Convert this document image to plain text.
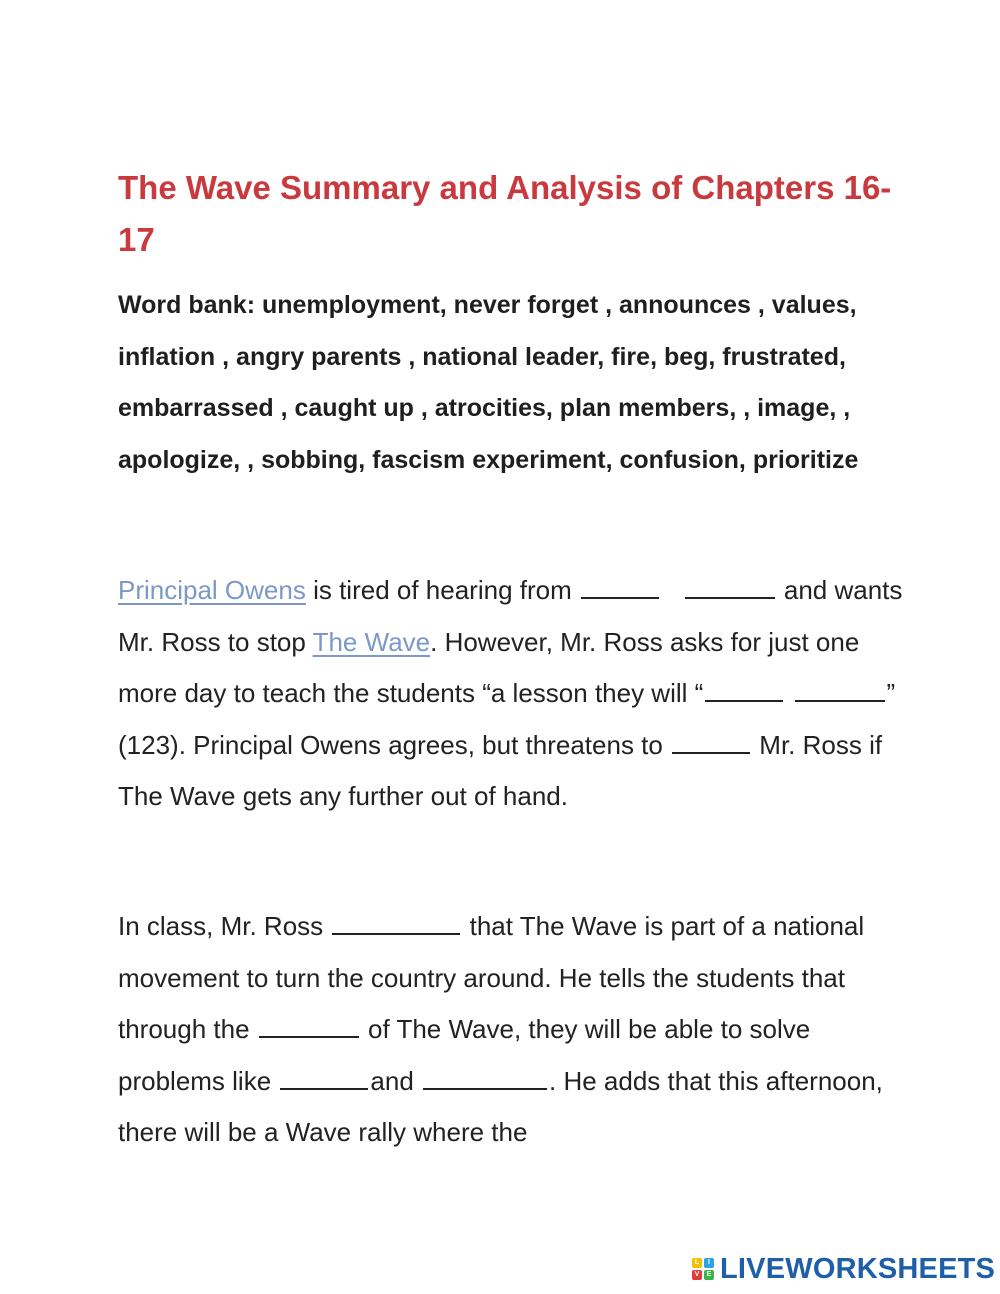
The Wave Summary and Analysis of Chapters 16-17

Word bank: unemployment, never forget , announces , values, inflation , angry parents , national leader, fire, beg, frustrated, embarrassed , caught up , atrocities, plan members, , image, , apologize, , sobbing, fascism experiment, confusion, prioritize

Principal Owens is tired of hearing from	and wants Mr. Ross to stop The Wave. However, Mr. Ross asks for just one more day to teach the students “a lesson they will “	” (123). Principal Owens agrees, but threatens to	Mr. Ross if The Wave gets any further out of hand.

In class, Mr. Ross	that The Wave is part of a national movement to turn the country around. He tells the students that through the	of The Wave, they will be able to solve problems like	and	. He adds that this afternoon, there will be a Wave rally where the

L	I
V	E LIVEWORKSHEETS
